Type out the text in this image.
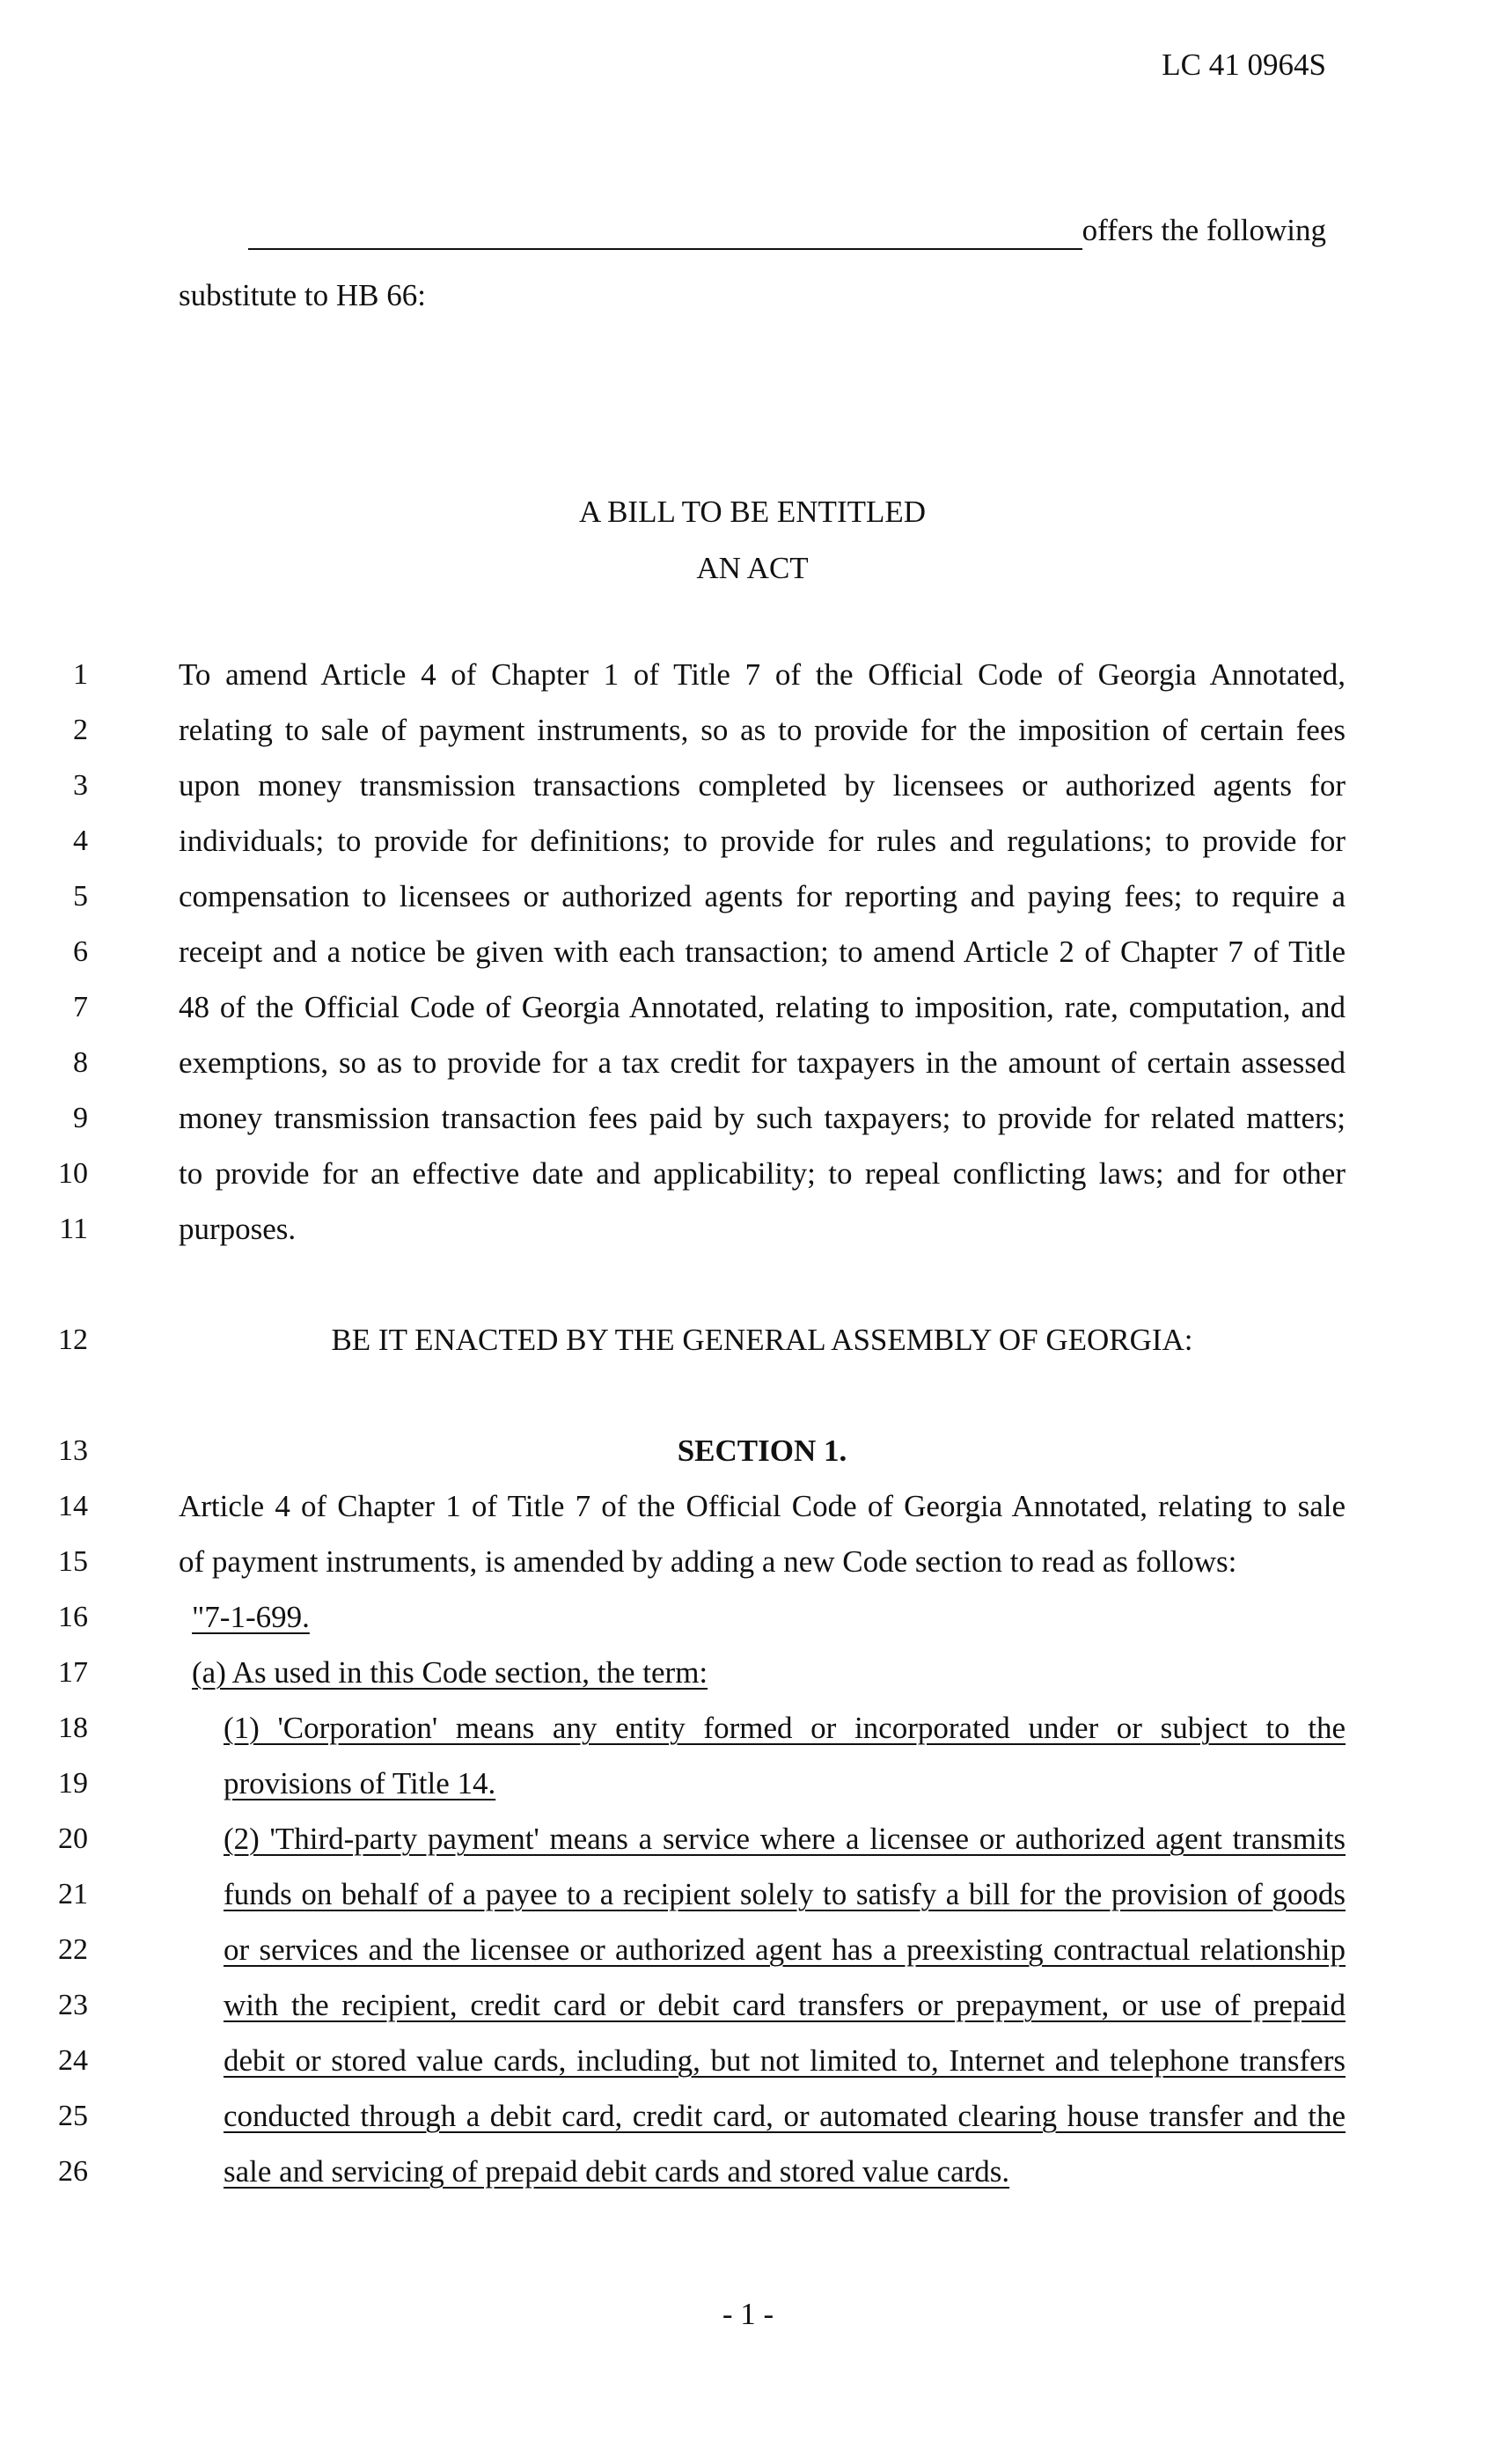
LC 41 0964S
offers the following
substitute to HB 66:
A BILL TO BE ENTITLED
AN ACT
1	To amend Article 4 of Chapter 1 of Title 7 of the Official Code of Georgia Annotated,
2	relating to sale of payment instruments, so as to provide for the imposition of certain fees
3	upon money transmission transactions completed by licensees or authorized agents for
4	individuals; to provide for definitions; to provide for rules and regulations; to provide for
5	compensation to licensees or authorized agents for reporting and paying fees; to require a
6	receipt and a notice be given with each transaction; to amend Article 2 of Chapter 7 of Title
7	48 of the Official Code of Georgia Annotated, relating to imposition, rate, computation, and
8	exemptions, so as to provide for a tax credit for taxpayers in the amount of certain assessed
9	money transmission transaction fees paid by such taxpayers; to provide for related matters;
10	to provide for an effective date and applicability; to repeal conflicting laws; and for other
11	purposes.
12	BE IT ENACTED BY THE GENERAL ASSEMBLY OF GEORGIA:
13	SECTION 1.
14	Article 4 of Chapter 1 of Title 7 of the Official Code of Georgia Annotated, relating to sale
15	of payment instruments, is amended by adding a new Code section to read as follows:
16	"7-1-699.
17	(a) As used in this Code section, the term:
18	(1) 'Corporation' means any entity formed or incorporated under or subject to the
19	provisions of Title 14.
20	(2) 'Third-party payment' means a service where a licensee or authorized agent transmits
21	funds on behalf of a payee to a recipient solely to satisfy a bill for the provision of goods
22	or services and the licensee or authorized agent has a preexisting contractual relationship
23	with the recipient, credit card or debit card transfers or prepayment, or use of prepaid
24	debit or stored value cards, including, but not limited to, Internet and telephone transfers
25	conducted through a debit card, credit card, or automated clearing house transfer and the
26	sale and servicing of prepaid debit cards and stored value cards.
- 1 -
